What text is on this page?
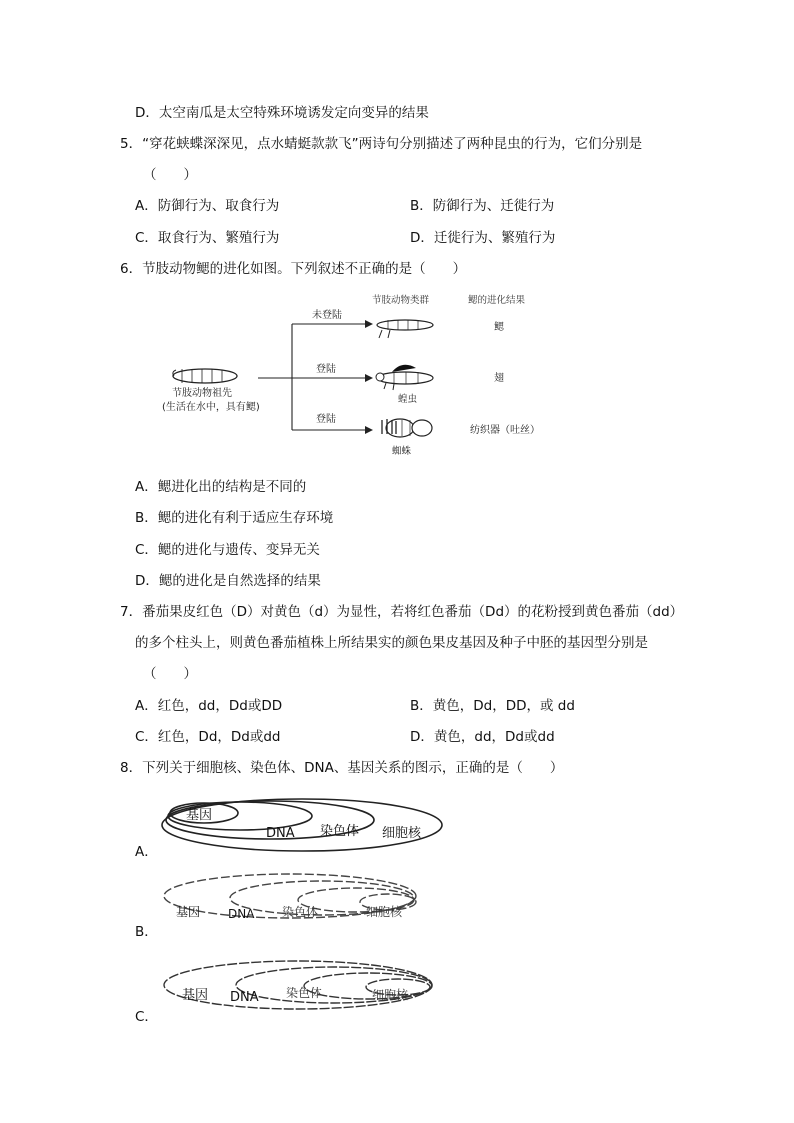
D．太空南瓜是太空特殊环境诱发定向变异的结果
5．“穿花蛱蝶深深见，点水蜻蜓款款飞”两诗句分别描述了两种昆虫的行为，它们分别是
（　　）
A．防御行为、取食行为	B．防御行为、迁徙行为
C．取食行为、繁殖行为	D．迁徙行为、繁殖行为
6．节肢动物鳃的进化如图。下列叙述不正确的是（　　）
节肢动物祖先
(生活在水中，具有鳃)
未登陆
登陆
登陆
节肢动物类群	鳃的进化结果
鳃
蝗虫
翅
蜘蛛
纺织器（吐丝）
A．鳃进化出的结构是不同的
B．鳃的进化有利于适应生存环境
C．鳃的进化与遗传、变异无关
D．鳃的进化是自然选择的结果
7．番茄果皮红色（D）对黄色（d）为显性，若将红色番茄（Dd）的花粉授到黄色番茄（dd）
的多个柱头上，则黄色番茄植株上所结果实的颜色果皮基因及种子中胚的基因型分别是
（　　）
A．红色，dd，Dd或DD	B．黄色，Dd，DD，或 dd
C．红色，Dd，Dd或dd	D．黄色，dd，Dd或dd
8．下列关于细胞核、染色体、DNA、基因关系的图示，正确的是（　　）
基因
DNA 染色体 细胞核
A．
基因 DNA 染色体	细胞核
B．
基因 DNA 染色体	细胞核
C．
